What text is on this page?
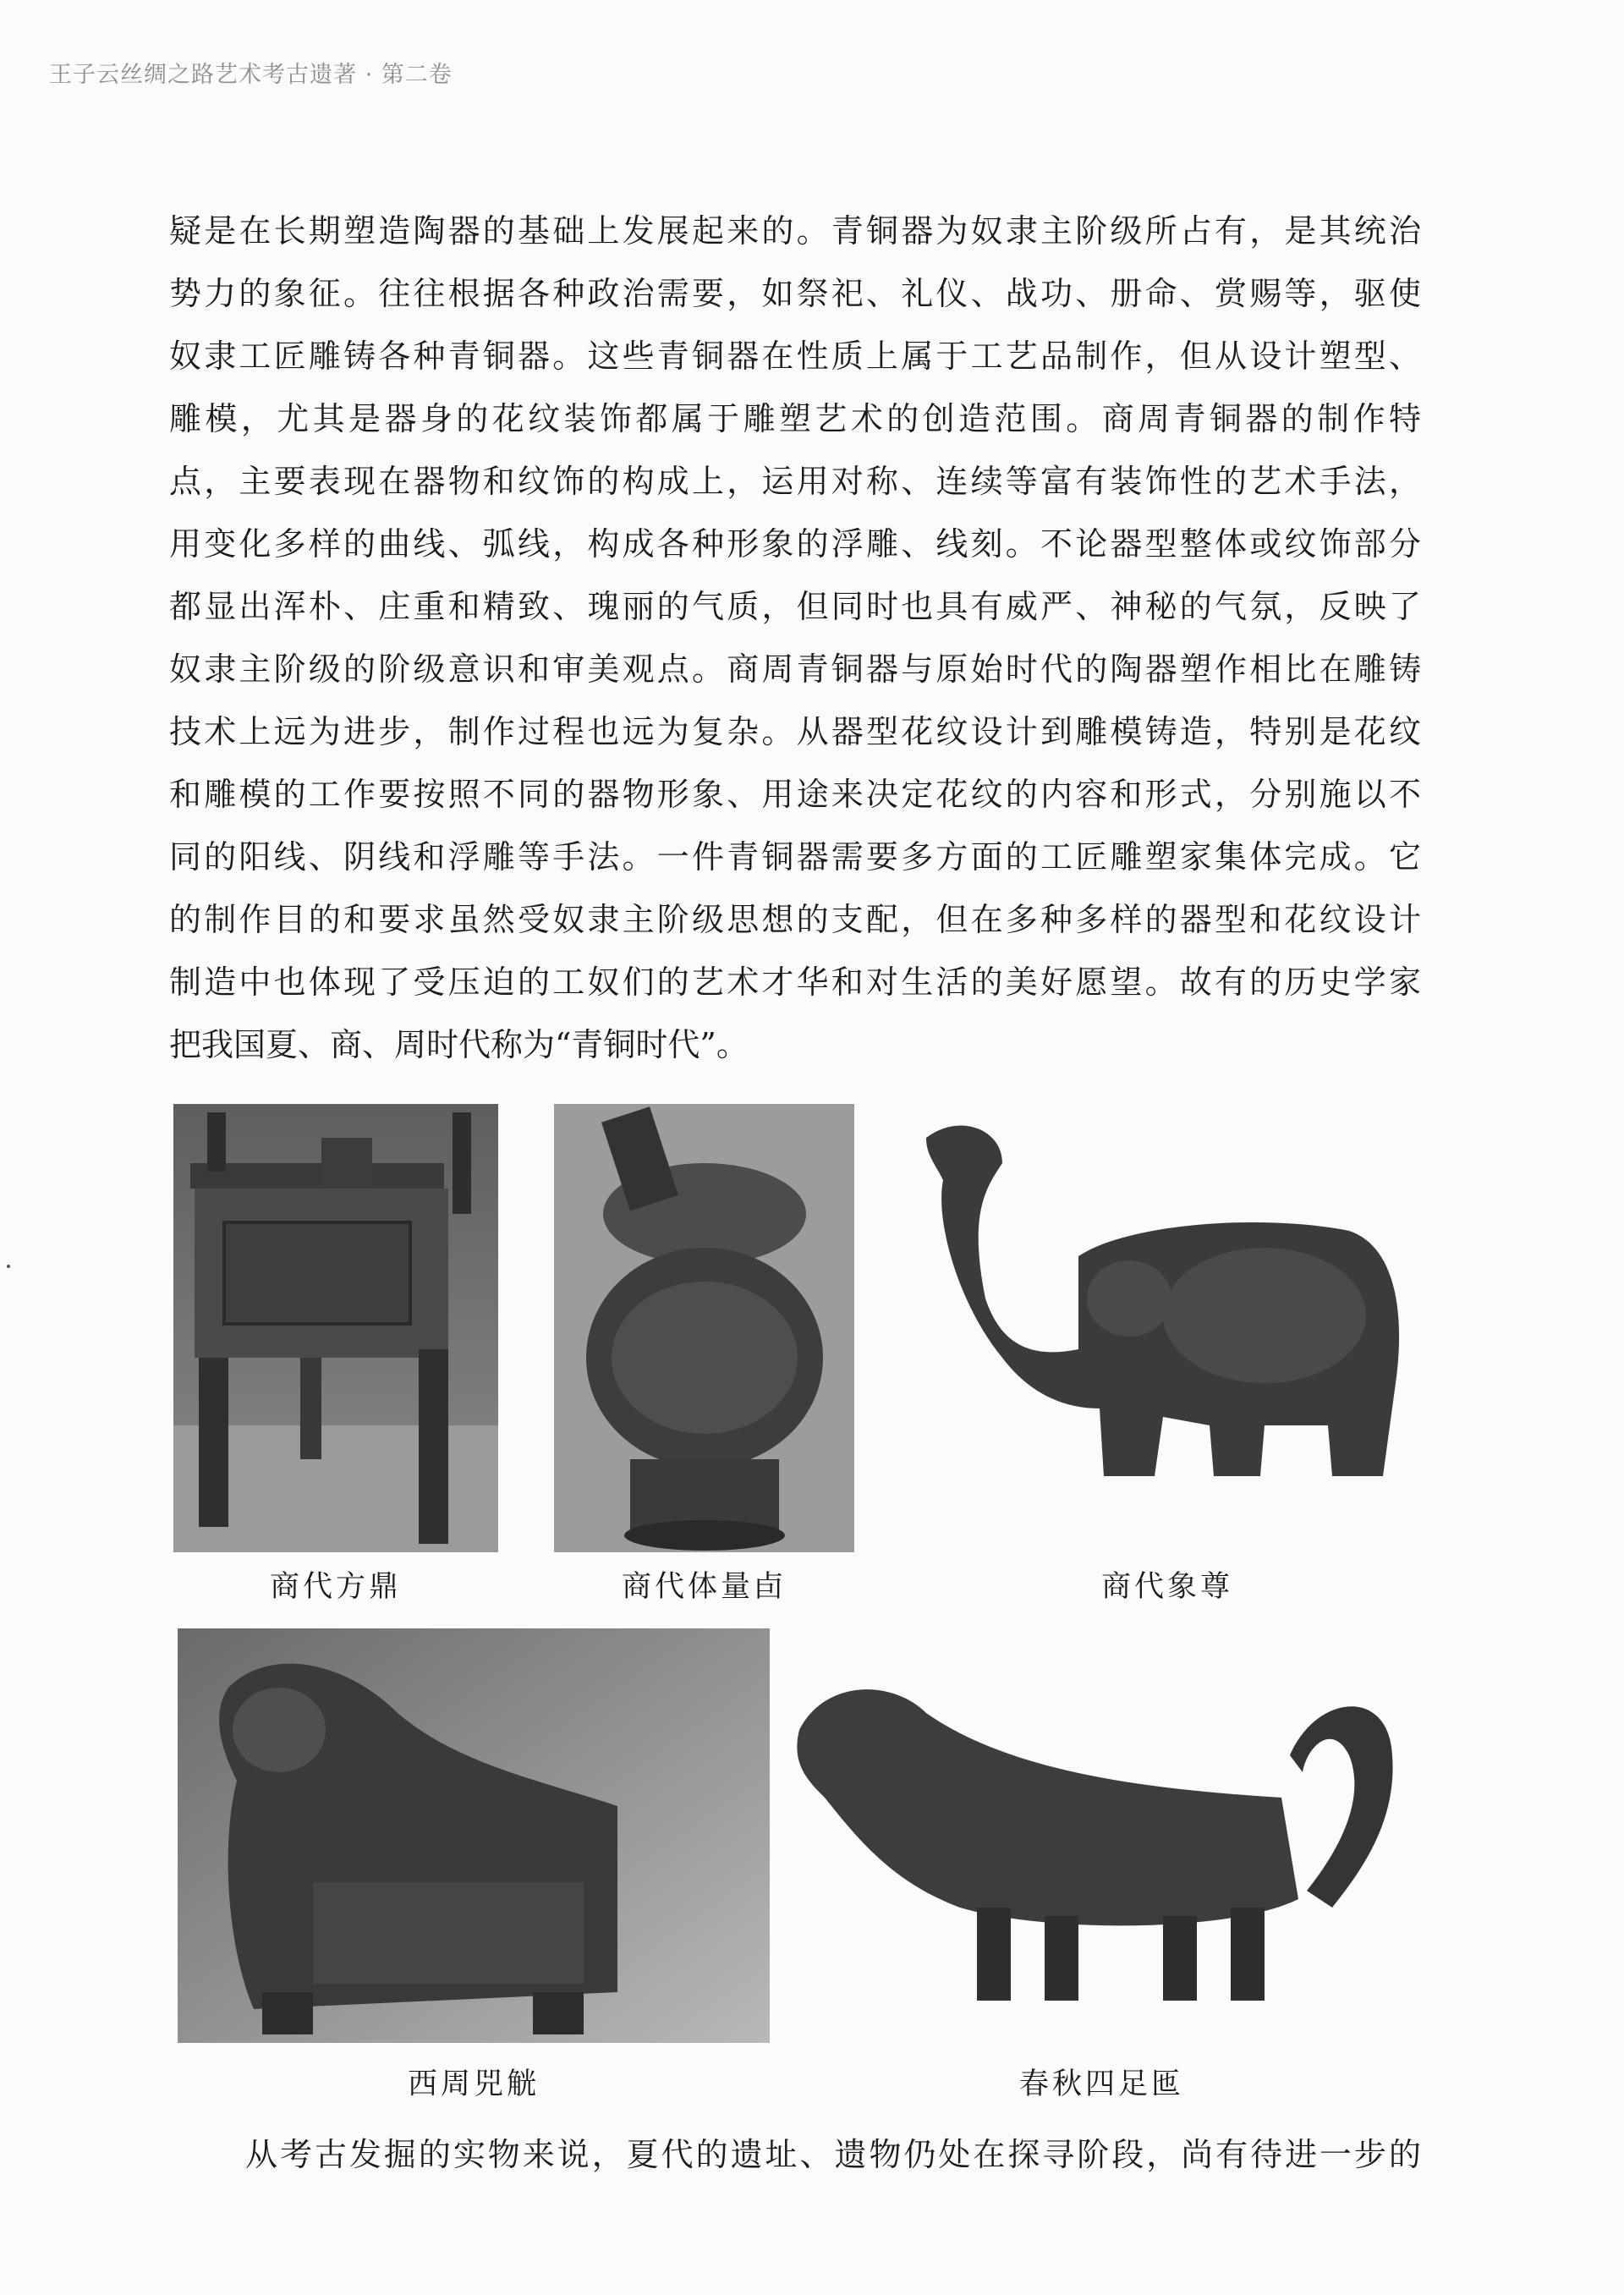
王子云丝绸之路艺术考古遗著 · 第二卷
疑是在长期塑造陶器的基础上发展起来的。青铜器为奴隶主阶级所占有，是其统治
势力的象征。往往根据各种政治需要，如祭祀、礼仪、战功、册命、赏赐等，驱使
奴隶工匠雕铸各种青铜器。这些青铜器在性质上属于工艺品制作，但从设计塑型、
雕模，尤其是器身的花纹装饰都属于雕塑艺术的创造范围。商周青铜器的制作特
点，主要表现在器物和纹饰的构成上，运用对称、连续等富有装饰性的艺术手法，
用变化多样的曲线、弧线，构成各种形象的浮雕、线刻。不论器型整体或纹饰部分
都显出浑朴、庄重和精致、瑰丽的气质，但同时也具有威严、神秘的气氛，反映了
奴隶主阶级的阶级意识和审美观点。商周青铜器与原始时代的陶器塑作相比在雕铸
技术上远为进步，制作过程也远为复杂。从器型花纹设计到雕模铸造，特别是花纹
和雕模的工作要按照不同的器物形象、用途来决定花纹的内容和形式，分别施以不
同的阳线、阴线和浮雕等手法。一件青铜器需要多方面的工匠雕塑家集体完成。它
的制作目的和要求虽然受奴隶主阶级思想的支配，但在多种多样的器型和花纹设计
制造中也体现了受压迫的工奴们的艺术才华和对生活的美好愿望。故有的历史学家
把我国夏、商、周时代称为“青铜时代”。
商代方鼎	商代体量卣	商代象尊
西周兕觥	春秋四足匜
从考古发掘的实物来说，夏代的遗址、遗物仍处在探寻阶段，尚有待进一步的
